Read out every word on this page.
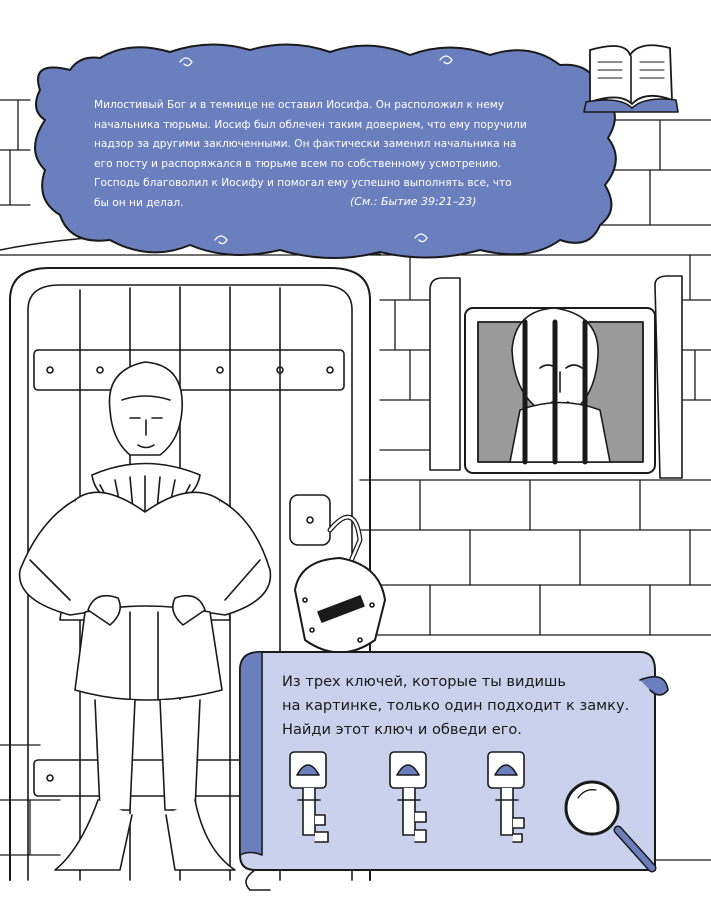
Милостивый Бог и в темнице не оставил Иосифа. Он расположил к нему
начальника тюрьмы. Иосиф был облечен таким доверием, что ему поручили
надзор за другими заключенными. Он фактически заменил начальника на
его посту и распоряжался в тюрьме всем по собственному усмотрению.
Господь благоволил к Иосифу и помогал ему успешно выполнять все, что
бы он ни делал.	(См.: Бытие 39:21–23)
Из трех ключей, которые ты видишь
на картинке, только один подходит к замку.
Найди этот ключ и обведи его.
